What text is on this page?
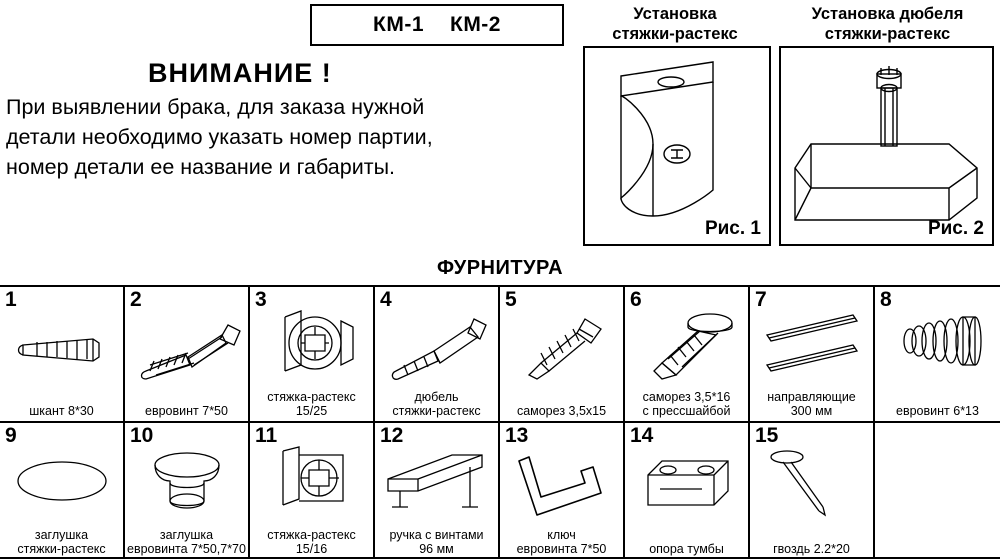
КМ-1 КМ-2
ВНИМАНИЕ !
При выявлении брака, для заказа нужной
детали необходимо указать номер партии,
номер детали ее название и габариты.
Установка
стяжки-растекс
Установка дюбеля
стяжки-растекс
Рис. 1	Рис. 2
ФУРНИТУРА
1
шкант 8*30
2
евровинт 7*50
3
стяжка-растекс
15/25
4
дюбель
стяжки-растекс
5
саморез 3,5х15
6
саморез 3,5*16
с прессшайбой
7
направляющие
300 мм
8
евровинт 6*13
9
заглушка
стяжки-растекс
10
заглушка
евровинта 7*50,7*70
11
стяжка-растекс
15/16
12
ручка с винтами
96 мм
13
ключ
евровинта 7*50
14
опора тумбы
15
гвоздь 2.2*20
